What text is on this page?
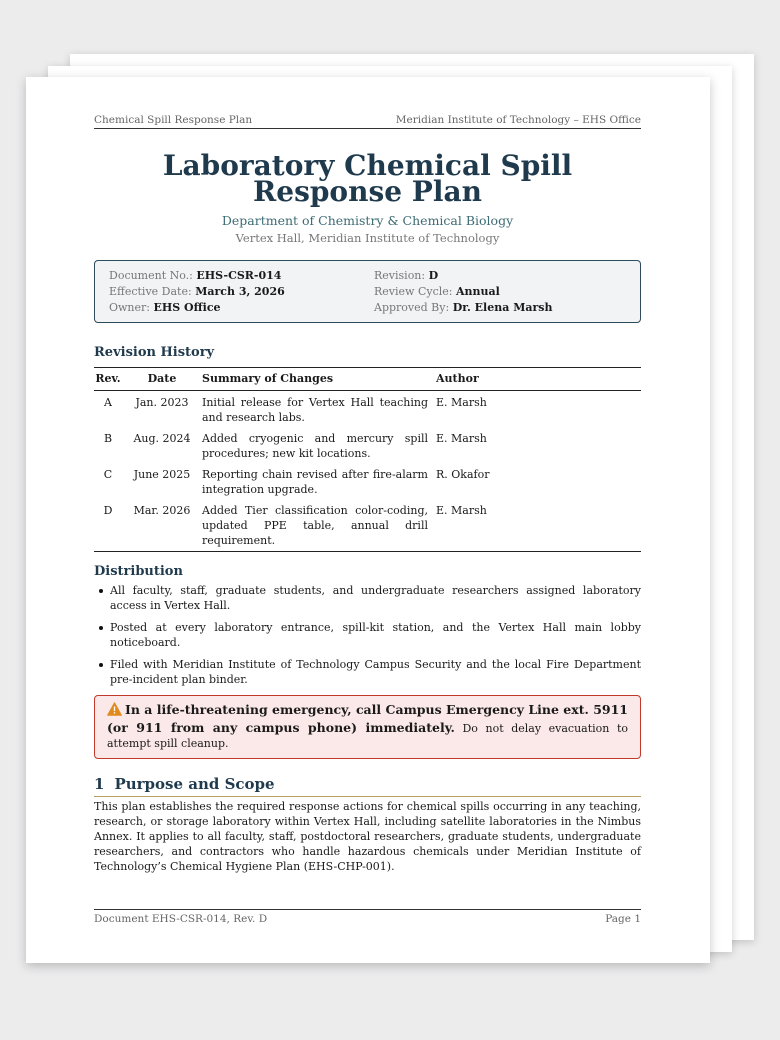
Chemical Spill Response Plan	Meridian Institute of Technology – EHS Office
Laboratory Chemical Spill Response Plan
Department of Chemistry & Chemical Biology
Vertex Hall, Meridian Institute of Technology
Document No.: EHS-CSR-014	Revision: D
Effective Date: March 3, 2026	Review Cycle: Annual
Owner: EHS Office	Approved By: Dr. Elena Marsh
Revision History
Rev.	Date	Summary of Changes	Author
A	Jan. 2023	Initial release for Vertex Hall teaching and research labs.	E. Marsh
B	Aug. 2024	Added cryogenic and mercury spill procedures; new kit locations.	E. Marsh
C	June 2025	Reporting chain revised after fire-alarm integration upgrade.	R. Okafor
D	Mar. 2026	Added Tier classification color-coding, updated PPE table, annual drill requirement.	E. Marsh
Distribution
All faculty, staff, graduate students, and undergraduate researchers assigned laboratory access in Vertex Hall.
Posted at every laboratory entrance, spill-kit station, and the Vertex Hall main lobby noticeboard.
Filed with Meridian Institute of Technology Campus Security and the local Fire Department pre-incident plan binder.
In a life-threatening emergency, call Campus Emergency Line ext. 5911 (or 911 from any campus phone) immediately. Do not delay evacuation to attempt spill cleanup.
1 Purpose and Scope
This plan establishes the required response actions for chemical spills occurring in any teaching, research, or storage laboratory within Vertex Hall, including satellite laboratories in the Nimbus Annex. It applies to all faculty, staff, postdoctoral researchers, graduate students, undergraduate researchers, and contractors who handle hazardous chemicals under Meridian Institute of Technology’s Chemical Hygiene Plan (EHS-CHP-001).
Document EHS-CSR-014, Rev. D	Page 1
